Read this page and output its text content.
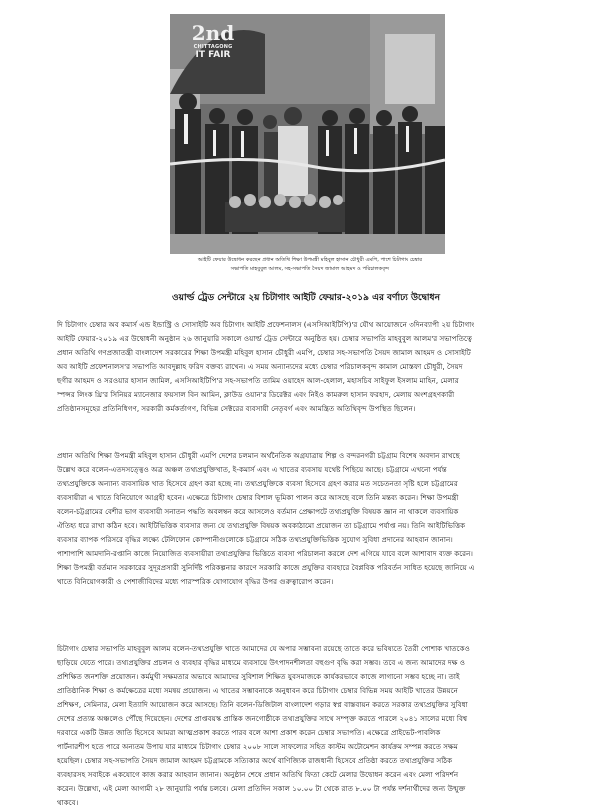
2nd
CHITTAGONG
IT FAIR
আইটি ফেয়ার উদ্বোধন করছেন প্রধান অতিথি শিক্ষা উপমন্ত্রী মহিবুল হাসান চৌধুরী এমপি, পাশে চিটাগাং চেম্বার
সভাপতি মাহবুবুল আলম, সহ-সভাপতি সৈয়দ জামাল আহমদ ও পরিচালকবৃন্দ
ওয়ার্ল্ড ট্রেড সেন্টারে ২য় চিটাগাং আইটি ফেয়ার-২০১৯ এর বর্ণাঢ্য উদ্বোধন
দি চিটাগাং চেম্বার অব কমার্স এন্ড ইন্ডাস্ট্রি ও সোসাইটি অব চিটাগাং আইটি প্রফেশনালস (এসসিআইটিপি)'র যৌথ আয়োজনে ৩দিনব্যাপী ২য় চিটাগাং
আইটি ফেয়ার-২০১৯ এর উদ্বোধনী অনুষ্ঠান ২৬ জানুয়ারি সকালে ওয়ার্ল্ড ট্রেড সেন্টারে অনুষ্ঠিত হয়। চেম্বার সভাপতি মাহবুবুল আলম'র সভাপতিত্বে
প্রধান অতিথি গণপ্রজাতন্ত্রী বাংলাদেশ সরকারের শিক্ষা উপমন্ত্রী মহিবুল হাসান চৌধুরী এমপি, চেম্বার সহ-সভাপতি সৈয়দ জামাল আহমদ ও সোসাইটি
অব আইটি প্রফেশনালস'র সভাপতি আবদুল্লাহ ফরিদ বক্তব্য রাখেন। এ সময় অন্যান্যদের মধ্যে চেম্বার পরিচালকবৃন্দ কামাল মোস্তফা চৌধুরী, সৈয়দ
ছগীর আহমদ ও সরওয়ার হাসান জামিল, এসসিআইটিপি'র সহ-সভাপতি তামিম ওয়াহেদ আল-হেলাল, মহাসচিব সাইফুল ইসলাম মাহিন, মেলার
স্পন্সর লিংক থ্রি'র সিনিয়র ম্যানেজার ফয়সাল বিন আমিন, ক্লাউড ওয়ান'র ডিরেক্টর এবং নিইও কামরুল হাসান ফরহাদ, মেলায় অংশগ্রহণকারী
প্রতিষ্ঠানসমূহের প্রতিনিধিগণ, সরকারী কর্মকর্তাগণ, বিভিন্ন সেক্টরের ব্যবসায়ী নেতৃবর্গ এবং আমন্ত্রিত অতিথিবৃন্দ উপস্থিত ছিলেন।
প্রধান অতিথি শিক্ষা উপমন্ত্রী মহিবুল হাসান চৌধুরী এমপি দেশের চলমান অর্থনৈতিক অগ্রযাত্রায় শিল্প ও বন্দরনগরী চট্টগ্রাম বিশেষ অবদান রাখছে
উল্লেখ করে বলেন-এতদসত্ত্বেও অত্র অঞ্চল তথ্যপ্রযুক্তিখাত, ই-কমার্স এবং এ খাতের ব্যবসায় যথেষ্ট পিছিয়ে আছে। চট্টগ্রামে এখনো পর্যন্ত
তথ্যপ্রযুক্তিকে অন্যান্য ব্যবসায়িক খাত হিসেবে গ্রহণ করা হচ্ছে না। তথ্যপ্রযুক্তিকে ব্যবসা হিসেবে গ্রহণ করার মত সচেতনতা সৃষ্টি হলে চট্টগ্রামের
ব্যবসায়ীরা এ খাতে বিনিয়োগে আগ্রহী হবেন। এক্ষেত্রে চিটাগাং চেম্বার বিশাল ভূমিকা পালন করে আসছে বলে তিনি মন্তব্য করেন। শিক্ষা উপমন্ত্রী
বলেন-চট্টগ্রামের বেশীর ভাগ ব্যবসায়ী সনাতন পদ্ধতি অবলম্বন করে আসলেও বর্তমান প্রেক্ষাপটে তথ্যপ্রযুক্তি বিষয়ক জ্ঞান না থাকলে ব্যবসায়িক
ঐতিহ্য ধরে রাখা কঠিন হবে। আইটিভিত্তিক ব্যবসার জন্য যে তথ্যপ্রযুক্তি বিষয়ক অবকাঠামো প্রয়োজন তা চট্টগ্রামে পর্যাপ্ত নয়। তিনি আইটিভিত্তিক
ব্যবসার ব্যাপক পরিসরে বৃদ্ধির লক্ষ্যে টেলিফোন কোম্পানীগুলোকে চট্টগ্রামে সঠিক তথ্যপ্রযুক্তিভিত্তিক সুযোগ সুবিধা প্রদানের আহবান জানান।
পাশাপাশি আমদানি-রপ্তানি কাজে নিয়োজিত ব্যবসায়ীরা তথ্যপ্রযুক্তির ভিত্তিতে ব্যবসা পরিচালনা করলে দেশ এগিয়ে যাবে বলে আশাবাদ ব্যক্ত করেন।
শিক্ষা উপমন্ত্রী বর্তমান সরকারের সুদূরপ্রসারী সুনির্দিষ্ট পরিকল্পনার কারণে সরকারি কাজে প্রযুক্তির ব্যবহারে বৈপ্লবিক পরিবর্তন সাধিত হয়েছে জানিয়ে এ
খাতে বিনিয়োগকারী ও পেশাজীবিদের মধ্যে পারস্পরিক যোগাযোগ বৃদ্ধির উপর গুরুত্বারোপ করেন।
চিটাগাং চেম্বার সভাপতি মাহবুবুল আলম বলেন-তথ্যপ্রযুক্তি খাতে আমাদের যে অপার সম্ভাবনা রয়েছে তাতে করে ভবিষ্যতে তৈরী পোশাক খাতকেও
ছাড়িয়ে যেতে পারে। তথ্যপ্রযুক্তির প্রচলন ও ব্যবহার বৃদ্ধির মাধ্যমে ব্যবসায়ে উৎপাদনশীলতা বহুগুণ বৃদ্ধি করা সম্ভব। তবে এ জন্য আমাদের দক্ষ ও
প্রশিক্ষিত জনশক্তি প্রয়োজন। কর্মমুখী সক্ষমতার অভাবে আমাদের সুবিশাল শিক্ষিত যুবসমাজকে কার্যকরভাবে কাজে লাগানো সম্ভব হচ্ছে না। তাই
প্রাতিষ্ঠানিক শিক্ষা ও কর্মক্ষেত্রের মধ্যে সমন্বয় প্রয়োজন। এ খাতের সম্ভাবনাকে অনুধাবন করে চিটাগাং চেম্বার বিভিন্ন সময় আইটি খাতের উন্নয়নে
প্রশিক্ষণ, সেমিনার, মেলা ইত্যাদি আয়োজন করে আসছে। তিনি বলেন-ডিজিটাল বাংলাদেশ গড়ার স্বপ্ন বাস্তবায়ন করতে সরকার তথ্যপ্রযুক্তির সুবিধা
দেশের প্রত্যন্ত অঞ্চলেও পৌঁছে দিয়েছেন। দেশের প্রাপ্তবয়স্ক প্রান্তিক জনগোষ্ঠীকে তথ্যপ্রযুক্তির সাথে সম্পৃক্ত করতে পারলে ২০৪১ সালের মধ্যে বিশ্ব
দরবারে একটি উন্নত জাতি হিসেবে আমরা আত্মপ্রকাশ করতে পারব বলে আশা প্রকাশ করেন চেম্বার সভাপতি। এক্ষেত্রে প্রাইভেট-পাবলিক
পার্টনারশীপ হতে পারে অন্যতম উপায় যার মাধ্যমে চিটাগাং চেম্বার ২০০৮ সালে সাফল্যের সহিত কাস্টম অটোমেশন কার্যক্রম সম্পন্ন করতে সক্ষম
হয়েছিল। চেম্বার সহ-সভাপতি সৈয়দ জামাল আহমদ চট্টগ্রামকে সত্যিকার অর্থে বাণিজ্যিক রাজধানী হিসেবে প্রতিষ্ঠা করতে তথ্যপ্রযুক্তির সঠিক
ব্যবহারসহ সবাইকে একযোগে কাজ করার আহবান জানান। অনুষ্ঠান শেষে প্রধান অতিথি ফিতা কেটে মেলার উদ্বোধন করেন এবং মেলা পরিদর্শন
করেন। উল্লেখ্য, এই মেলা আগামী ২৮ জানুয়ারি পর্যন্ত চলবে। মেলা প্রতিদিন সকাল ১০.০০ টা থেকে রাত ৮.০০ টা পর্যন্ত দর্শনার্থীদের জন্য উন্মুক্ত
থাকবে।
